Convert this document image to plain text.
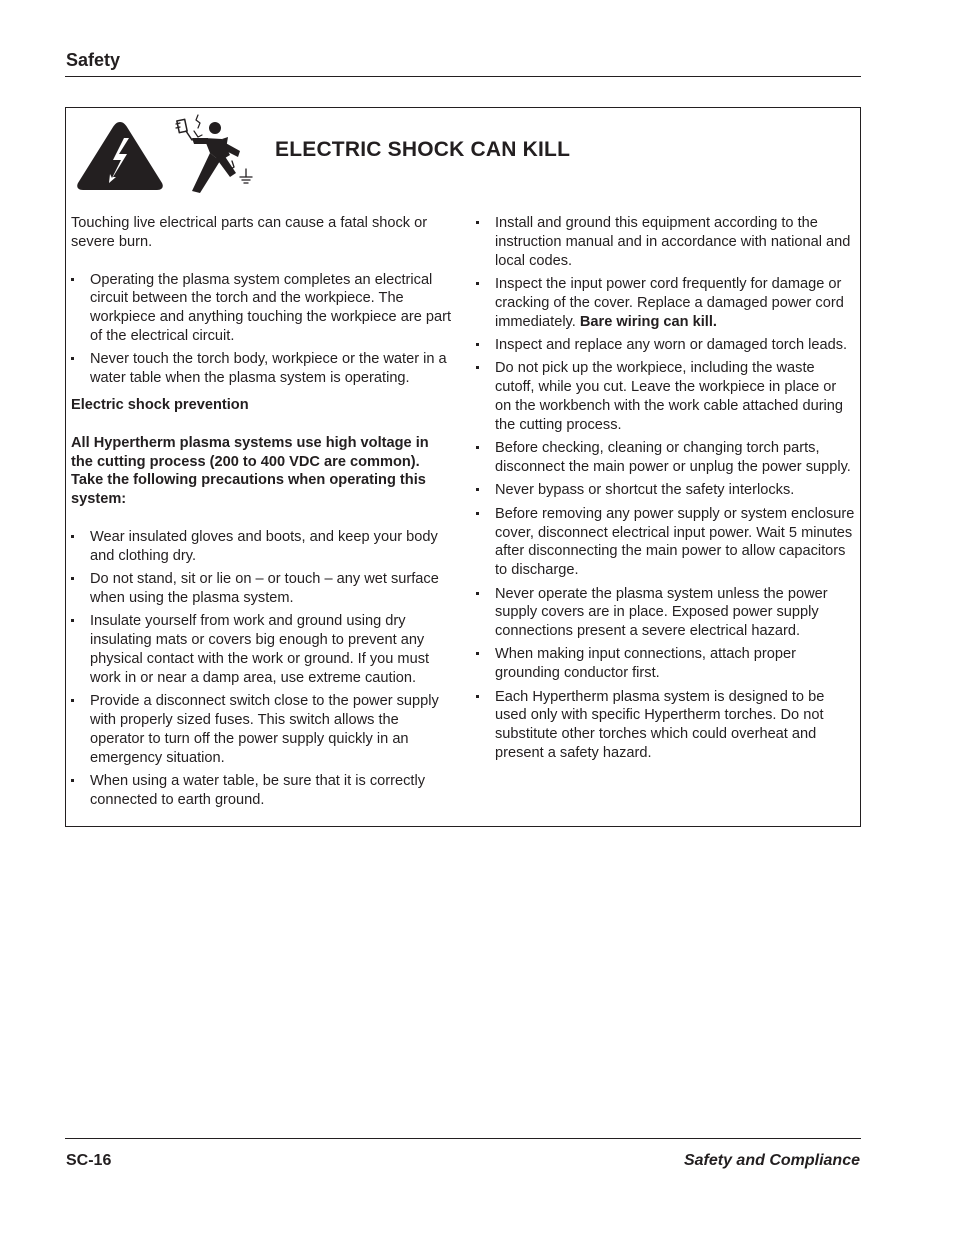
Safety
ELECTRIC SHOCK CAN KILL

Touching live electrical parts can cause a fatal shock or severe burn.

Operating the plasma system completes an electrical circuit between the torch and the workpiece. The workpiece and anything touching the workpiece are part of the electrical circuit.
Never touch the torch body, workpiece or the water in a water table when the plasma system is operating.

Electric shock prevention

All Hypertherm plasma systems use high voltage in the cutting process (200 to 400 VDC are common). Take the following precautions when operating this system:

Wear insulated gloves and boots, and keep your body and clothing dry.
Do not stand, sit or lie on – or touch – any wet surface when using the plasma system.
Insulate yourself from work and ground using dry insulating mats or covers big enough to prevent any physical contact with the work or ground. If you must work in or near a damp area, use extreme caution.
Provide a disconnect switch close to the power supply with properly sized fuses. This switch allows the operator to turn off the power supply quickly in an emergency situation.
When using a water table, be sure that it is correctly connected to earth ground.
Install and ground this equipment according to the instruction manual and in accordance with national and local codes.
Inspect the input power cord frequently for damage or cracking of the cover. Replace a damaged power cord immediately. Bare wiring can kill.
Inspect and replace any worn or damaged torch leads.
Do not pick up the workpiece, including the waste cutoff, while you cut. Leave the workpiece in place or on the workbench with the work cable attached during the cutting process.
Before checking, cleaning or changing torch parts, disconnect the main power or unplug the power supply.
Never bypass or shortcut the safety interlocks.
Before removing any power supply or system enclosure cover, disconnect electrical input power. Wait 5 minutes after disconnecting the main power to allow capacitors to discharge.
Never operate the plasma system unless the power supply covers are in place. Exposed power supply connections present a severe electrical hazard.
When making input connections, attach proper grounding conductor first.
Each Hypertherm plasma system is designed to be used only with specific Hypertherm torches. Do not substitute other torches which could overheat and present a safety hazard.
SC-16	Safety and Compliance
